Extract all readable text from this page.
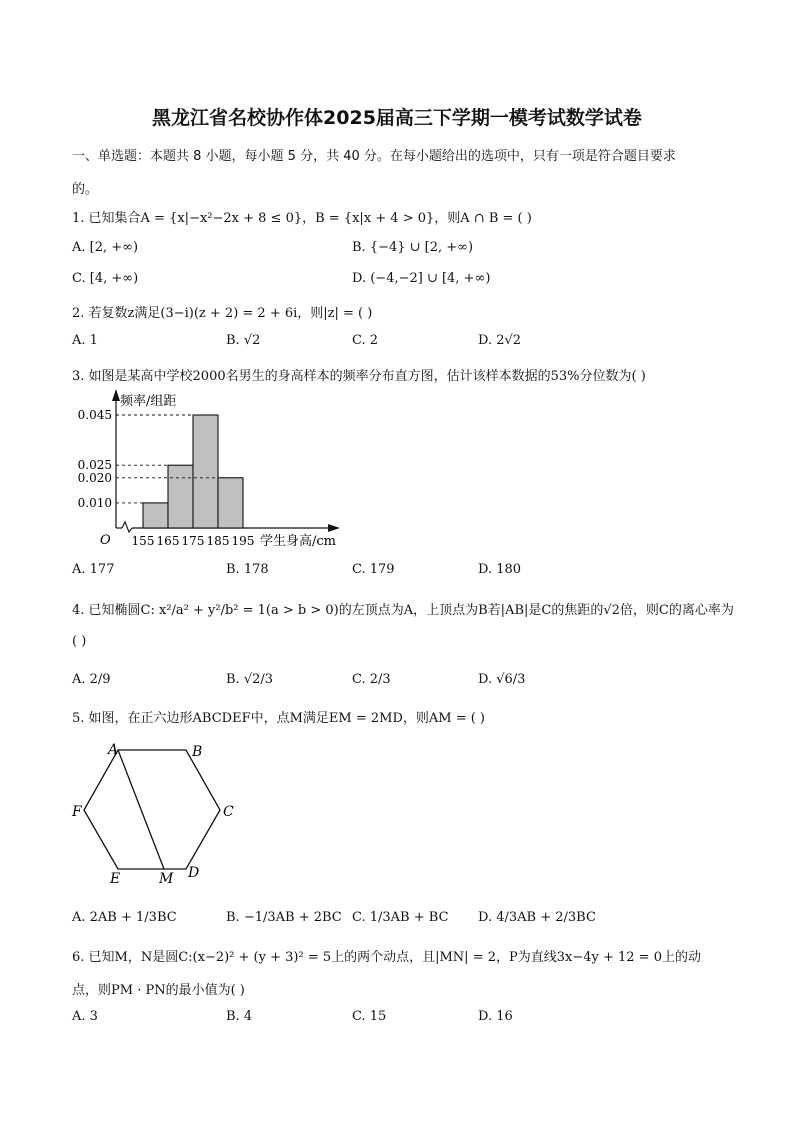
黑龙江省名校协作体2025届高三下学期一模考试数学试卷
一、单选题：本题共 8 小题，每小题 5 分，共 40 分。在每小题给出的选项中，只有一项是符合题目要求
的。
1. 已知集合A = {x|−x²−2x + 8 ≤ 0}，B = {x|x + 4 > 0}，则A ∩ B = ( )
A. [2, +∞)	B. {−4} ∪ [2, +∞)
C. [4, +∞)	D. (−4,−2] ∪ [4, +∞)
2. 若复数z满足(3−i)(z + 2) = 2 + 6i，则|z| = ( )
A. 1	B. √2	C. 2	D. 2√2
3. 如图是某高中学校2000名男生的身高样本的频率分布直方图，估计该样本数据的53%分位数为( )
0.045
0.025
0.020
0.010
155 165 175 185 195
O
频率/组距
学生身高/cm
A. 177	B. 178	C. 179	D. 180
4. 已知椭圆C: x²/a² + y²/b² = 1(a > b > 0)的左顶点为A，上顶点为B若|AB|是C的焦距的√2倍，则C的离心率为
( )
A. 2/9	B. √2/3	C. 2/3	D. √6/3
5. 如图，在正六边形ABCDEF中，点M满足EM = 2MD，则AM = ( )
A	B
C
D
M
E
F
A. 2AB + 1/3BC	B. −1/3AB + 2BC C. 1/3AB + BC D. 4/3AB + 2/3BC
6. 已知M，N是圆C:(x−2)² + (y + 3)² = 5上的两个动点，且|MN| = 2，P为直线3x−4y + 12 = 0上的动
点，则PM · PN的最小值为( )
A. 3	B. 4	C. 15	D. 16
